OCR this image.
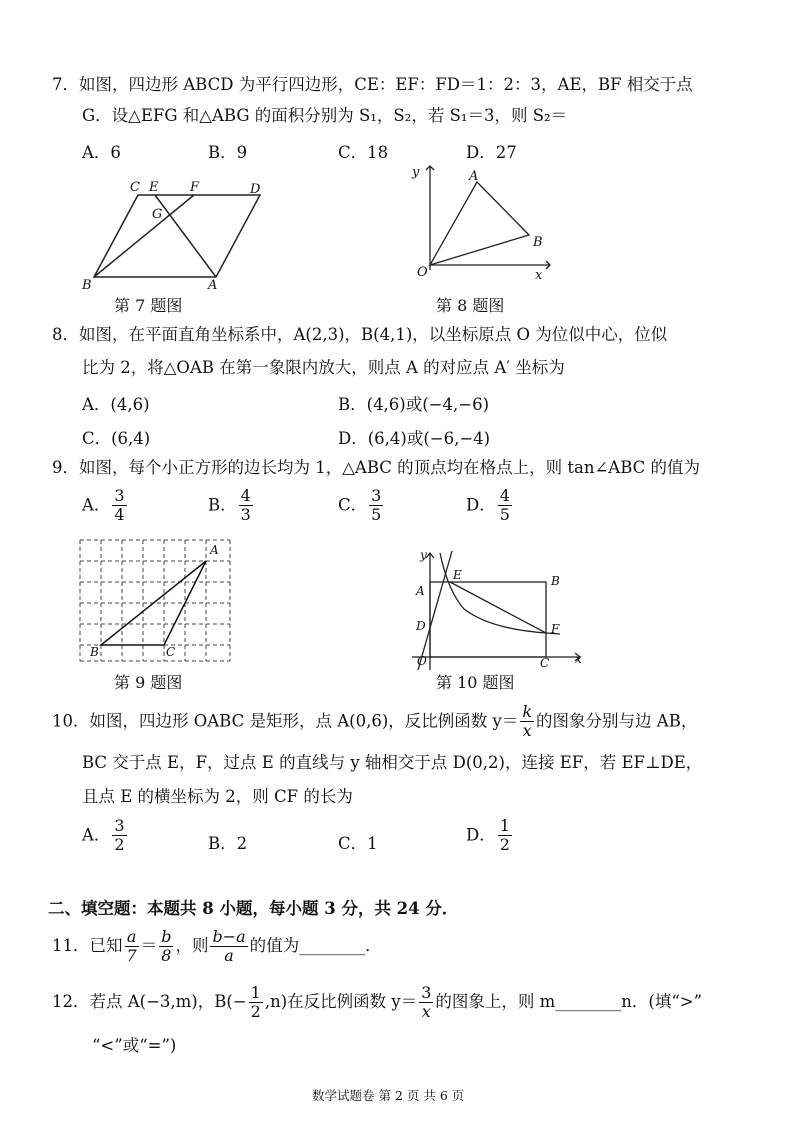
7．如图，四边形 ABCD 为平行四边形，CE：EF：FD＝1：2：3，AE，BF 相交于点
G．设△EFG 和△ABG 的面积分别为 S₁，S₂，若 S₁＝3，则 S₂＝
A．6	B．9	C．18	D．27
C E F	D
G
B	A
第 7 题图
y
x
O
A
B
第 8 题图
8．如图，在平面直角坐标系中，A(2,3)，B(4,1)，以坐标原点 O 为位似中心，位似
比为 2，将△OAB 在第一象限内放大，则点 A 的对应点 A′ 坐标为
A．(4,6)	B．(4,6)或(−4,−6)
C．(6,4)	D．(6,4)或(−6,−4)
9．如图，每个小正方形的边长均为 1，△ABC 的顶点均在格点上，则 tan∠ABC 的值为
A． $\frac{3}{4}$	B． $\frac{4}{3}$	C． $\frac{3}{5}$	D． $\frac{4}{5}$
A
B	C
第 9 题图
y
x
O
A
B
C
D
E
F
第 10 题图
10．如图，四边形 OABC 是矩形，点 A(0,6)，反比例函数 $y= \frac{k}{x}$ 的图象分别与边 AB，
BC 交于点 E，F，过点 E 的直线与 y 轴相交于点 D(0,2)，连接 EF，若 EF⊥DE，
且点 E 的横坐标为 2，则 CF 的长为
A． $\frac{3}{2}$	B．2	C．1	D． $\frac{1}{2}$
二、填空题：本题共 8 小题，每小题 3 分，共 24 分．
11．已知 $\frac{a}{7} = \frac{b}{8}$ ，则 $\frac{b-a}{a}$ 的值为________．
12．若点 A(−3,m)，$B(- \frac{1}{2} ,n)$在反比例函数 $y= \frac{3}{x}$ 的图象上，则 m________n．(填“>”
“<”或“=”)
数学试题卷 第 2 页 共 6 页
